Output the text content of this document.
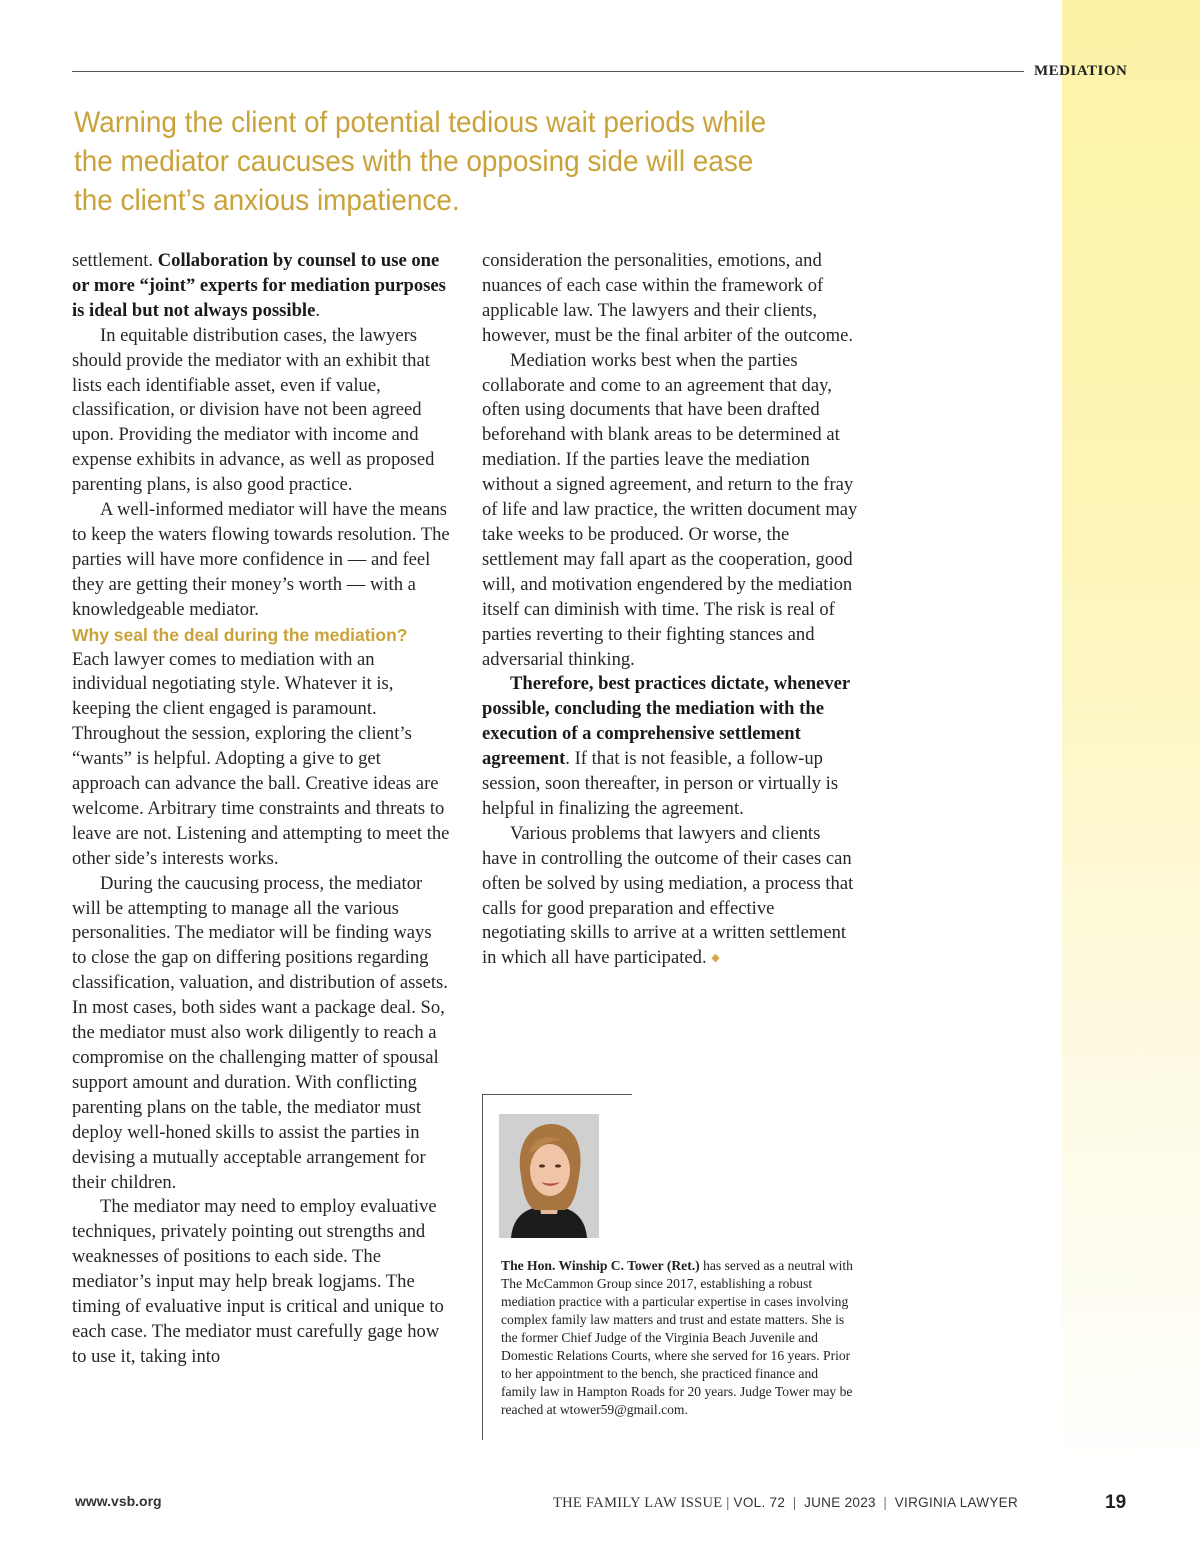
MEDIATION
Warning the client of potential tedious wait periods while the mediator caucuses with the opposing side will ease the client’s anxious impatience.

settlement. Collaboration by counsel to use one or more “joint” experts for mediation purposes is ideal but not always possible.

In equitable distribution cases, the lawyers should provide the mediator with an exhibit that lists each identifiable asset, even if value, classification, or division have not been agreed upon. Providing the mediator with income and expense exhibits in advance, as well as proposed parenting plans, is also good practice.

A well-informed mediator will have the means to keep the waters flowing towards resolution. The parties will have more confidence in — and feel they are getting their money’s worth — with a knowledgeable mediator.

Why seal the deal during the mediation?

Each lawyer comes to mediation with an individual negotiating style. Whatever it is, keeping the client engaged is paramount. Throughout the session, exploring the client’s “wants” is helpful. Adopting a give to get approach can advance the ball. Creative ideas are welcome. Arbitrary time constraints and threats to leave are not. Listening and attempting to meet the other side’s interests works.

During the caucusing process, the mediator will be attempting to manage all the various personalities. The mediator will be finding ways to close the gap on differing positions regarding classification, valuation, and distribution of assets. In most cases, both sides want a package deal. So, the mediator must also work diligently to reach a compromise on the challenging matter of spousal support amount and duration. With conflicting parenting plans on the table, the mediator must deploy well-honed skills to assist the parties in devising a mutually acceptable arrangement for their children.

The mediator may need to employ evaluative techniques, privately pointing out strengths and weaknesses of positions to each side. The mediator’s input may help break logjams. The timing of evaluative input is critical and unique to each case. The mediator must carefully gage how to use it, taking into

consideration the personalities, emotions, and nuances of each case within the framework of applicable law. The lawyers and their clients, however, must be the final arbiter of the outcome.

Mediation works best when the parties collaborate and come to an agreement that day, often using documents that have been drafted beforehand with blank areas to be determined at mediation. If the parties leave the mediation without a signed agreement, and return to the fray of life and law practice, the written document may take weeks to be produced. Or worse, the settlement may fall apart as the cooperation, good will, and motivation engendered by the mediation itself can diminish with time. The risk is real of parties reverting to their fighting stances and adversarial thinking.

Therefore, best practices dictate, whenever possible, concluding the mediation with the execution of a comprehensive settlement agreement. If that is not feasible, a follow-up session, soon thereafter, in person or virtually is helpful in finalizing the agreement.

Various problems that lawyers and clients have in controlling the outcome of their cases can often be solved by using mediation, a process that calls for good preparation and effective negotiating skills to arrive at a written settlement in which all have participated. ◆

The Hon. Winship C. Tower (Ret.) has served as a neutral with The McCammon Group since 2017, establishing a robust mediation practice with a particular expertise in cases involving complex family law matters and trust and estate matters. She is the former Chief Judge of the Virginia Beach Juvenile and Domestic Relations Courts, where she served for 16 years. Prior to her appointment to the bench, she practiced finance and family law in Hampton Roads for 20 years. Judge Tower may be reached at wtower59@gmail.com.
www.vsb.org	THE FAMILY LAW ISSUE | VOL. 72  |  JUNE 2023  |  VIRGINIA LAWYER	19
